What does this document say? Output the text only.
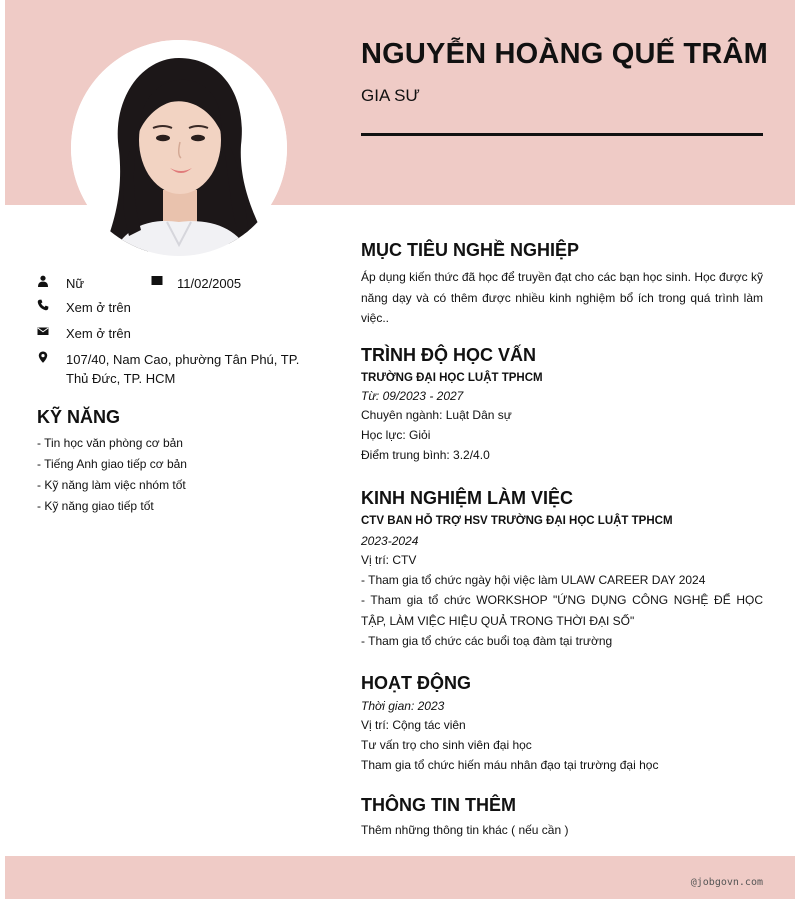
NGUYỄN HOÀNG QUẾ TRÂM
GIA SƯ
Nữ	11/02/2005
Xem ở trên
Xem ở trên
107/40, Nam Cao, phường Tân Phú, TP. Thủ Đức, TP. HCM
KỸ NĂNG
- Tin học văn phòng cơ bản
- Tiếng Anh giao tiếp cơ bản
- Kỹ năng làm việc nhóm tốt
- Kỹ năng giao tiếp tốt
MỤC TIÊU NGHỀ NGHIỆP
Áp dụng kiến thức đã học để truyền đạt cho các bạn học sinh. Học được kỹ năng dạy và có thêm được nhiều kinh nghiệm bổ ích trong quá trình làm việc..
TRÌNH ĐỘ HỌC VẤN
TRƯỜNG ĐẠI HỌC LUẬT TPHCM
Từ: 09/2023 - 2027
Chuyên ngành: Luật Dân sự
Học lực: Giỏi
Điểm trung bình: 3.2/4.0
KINH NGHIỆM LÀM VIỆC
CTV BAN HỖ TRỢ HSV TRƯỜNG ĐẠI HỌC LUẬT TPHCM
2023-2024
Vị trí: CTV
- Tham gia tổ chức ngày hội việc làm ULAW CAREER DAY 2024
- Tham gia tổ chức WORKSHOP "ỨNG DỤNG CÔNG NGHỆ ĐỂ HỌC TẬP, LÀM VIỆC HIỆU QUẢ TRONG THỜI ĐẠI SỐ"
- Tham gia tổ chức các buổi toạ đàm tại trường
HOẠT ĐỘNG
Thời gian: 2023
Vị trí: Cộng tác viên
Tư vấn trọ cho sinh viên đại học
Tham gia tổ chức hiến máu nhân đạo tại trường đại học
THÔNG TIN THÊM
Thêm những thông tin khác ( nếu cần )
@jobgovn.com
